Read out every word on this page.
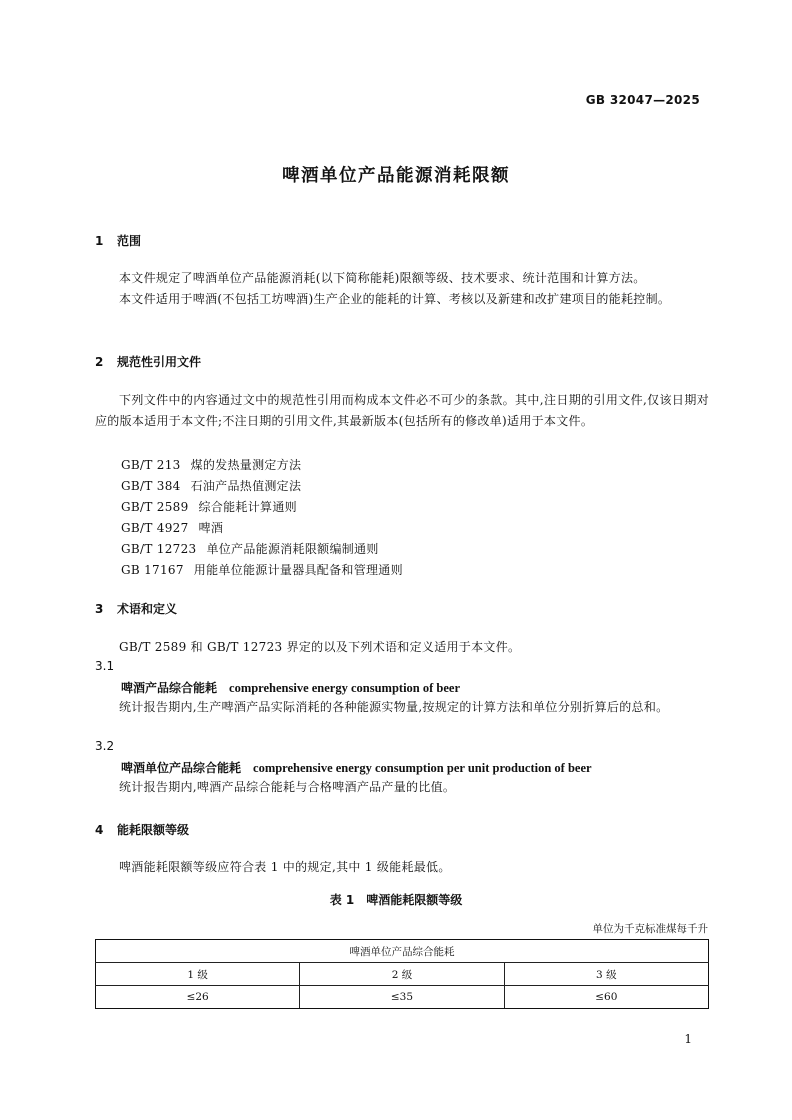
GB 32047—2025
啤酒单位产品能源消耗限额
1 范围

本文件规定了啤酒单位产品能源消耗(以下简称能耗)限额等级、技术要求、统计范围和计算方法。

本文件适用于啤酒(不包括工坊啤酒)生产企业的能耗的计算、考核以及新建和改扩建项目的能耗控制。

2 规范性引用文件

下列文件中的内容通过文中的规范性引用而构成本文件必不可少的条款。其中,注日期的引用文件,仅该日期对应的版本适用于本文件;不注日期的引用文件,其最新版本(包括所有的修改单)适用于本文件。

GB/T 213 煤的发热量测定方法
GB/T 384 石油产品热值测定法
GB/T 2589 综合能耗计算通则
GB/T 4927 啤酒
GB/T 12723 单位产品能源消耗限额编制通则
GB 17167 用能单位能源计量器具配备和管理通则
3 术语和定义

GB/T 2589 和 GB/T 12723 界定的以及下列术语和定义适用于本文件。

3.1
啤酒产品综合能耗 comprehensive energy consumption of beer

统计报告期内,生产啤酒产品实际消耗的各种能源实物量,按规定的计算方法和单位分别折算后的总和。

3.2
啤酒单位产品综合能耗 comprehensive energy consumption per unit production of beer

统计报告期内,啤酒产品综合能耗与合格啤酒产品产量的比值。

4 能耗限额等级

啤酒能耗限额等级应符合表 1 中的规定,其中 1 级能耗最低。

表 1 啤酒能耗限额等级
单位为千克标准煤每千升
啤酒单位产品综合能耗		
1 级	2 级	3 级
≤26	≤35	≤60
1
